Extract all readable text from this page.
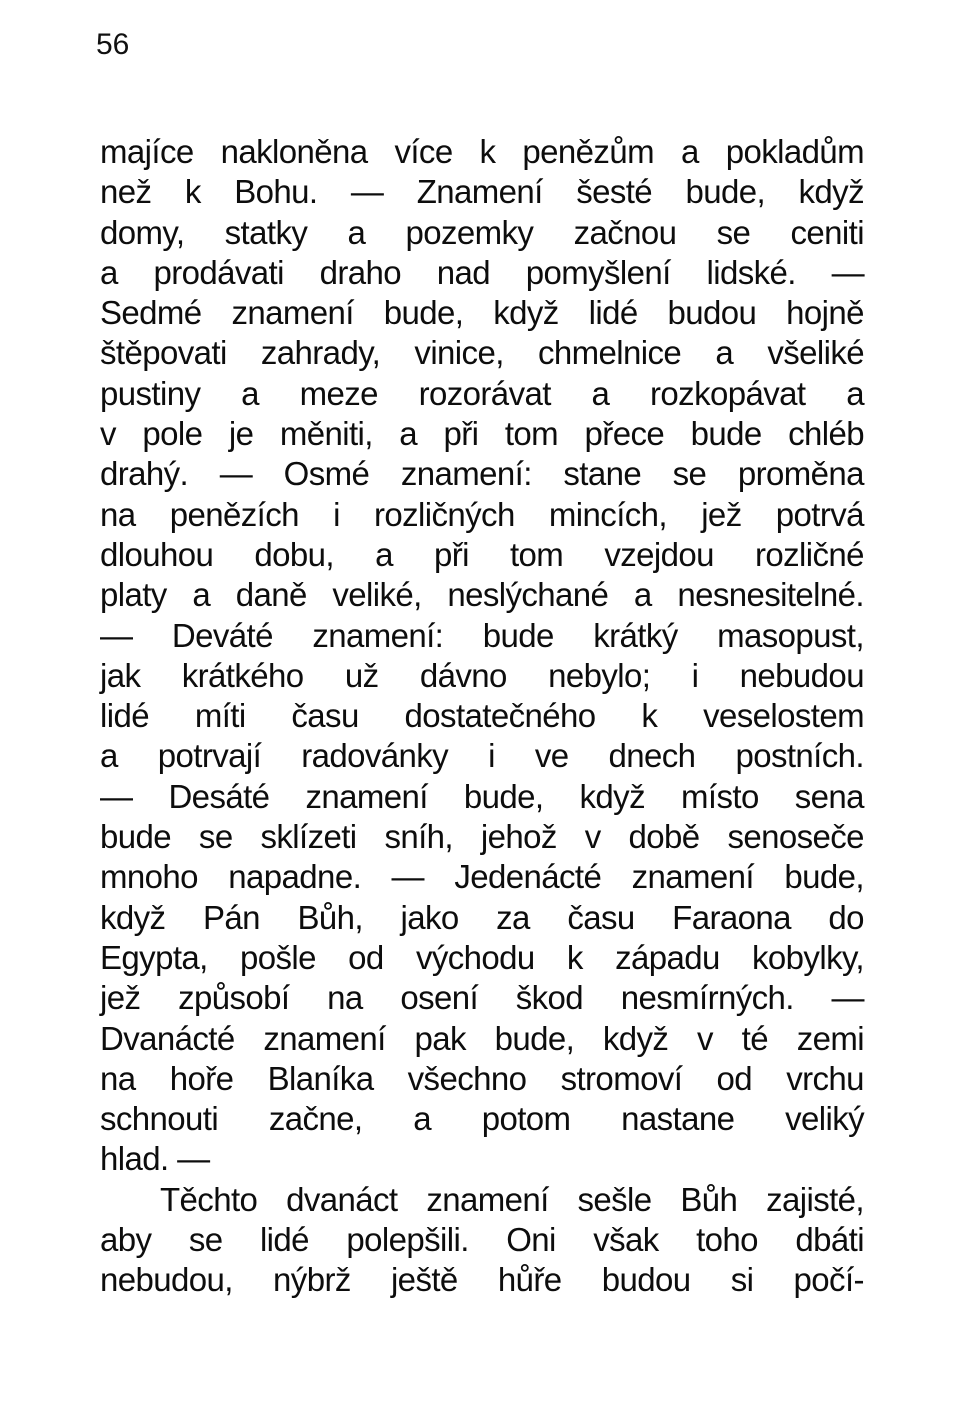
56
majíce nakloněna více k penězům a pokladům
než k Bohu. — Znamení šesté bude, když
domy, statky a pozemky začnou se ceniti
a prodávati draho nad pomyšlení lidské. —
Sedmé znamení bude, když lidé budou hojně
štěpovati zahrady, vinice, chmelnice a všeliké
pustiny a meze rozorávat a rozkopávat a
v pole je měniti, a při tom přece bude chléb
drahý. — Osmé znamení: stane se proměna
na penězích i rozličných mincích, jež potrvá
dlouhou dobu, a při tom vzejdou rozličné
platy a daně veliké, neslýchané a nesnesitelné.
— Deváté znamení: bude krátký masopust,
jak krátkého už dávno nebylo; i nebudou
lidé míti času dostatečného k veselostem
a potrvají radovánky i ve dnech postních.
— Desáté znamení bude, když místo sena
bude se sklízeti sníh, jehož v době senoseče
mnoho napadne. — Jedenácté znamení bude,
když Pán Bůh, jako za času Faraona do
Egypta, pošle od východu k západu kobylky,
jež způsobí na osení škod nesmírných. —
Dvanácté znamení pak bude, když v té zemi
na hoře Blaníka všechno stromoví od vrchu
schnouti začne, a potom nastane veliký
hlad. —
Těchto dvanáct znamení sešle Bůh zajisté,
aby se lidé polepšili. Oni však toho dbáti
nebudou, nýbrž ještě hůře budou si počí-
